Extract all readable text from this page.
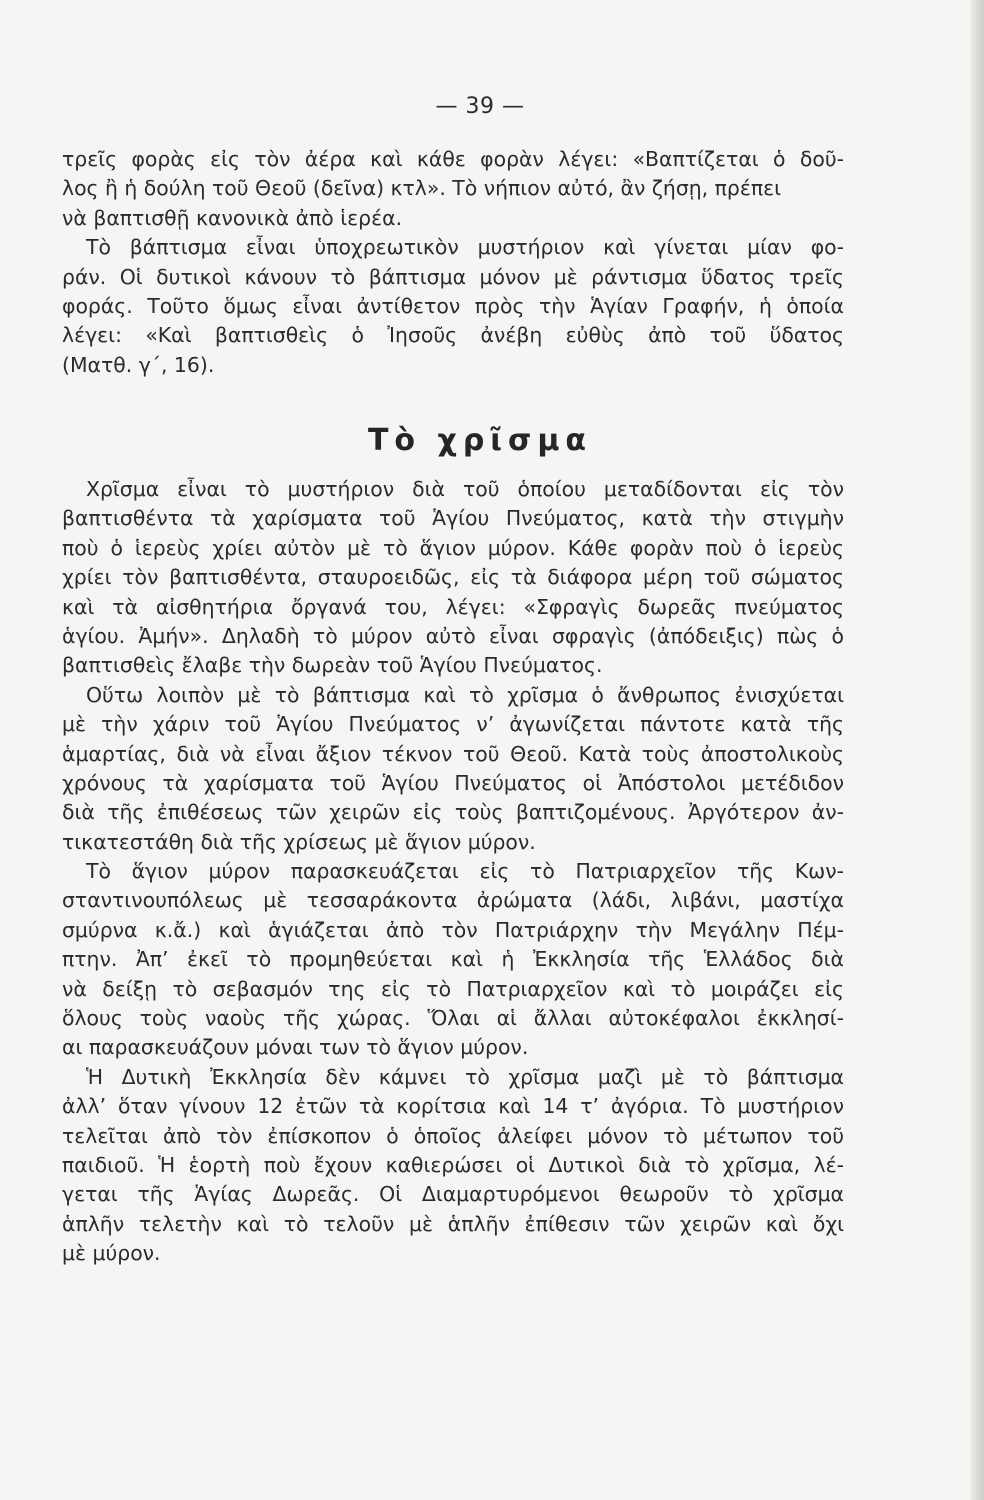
— 39 —
τρεῖς φορὰς εἰς τὸν ἀέρα καὶ κάθε φορὰν λέγει: «Βαπτίζεται ὁ δοῦ-
λος ἢ ἡ δούλη τοῦ Θεοῦ (δεῖνα) κτλ». Τὸ νήπιον αὐτό, ἂν ζήσῃ, πρέπει
νὰ βαπτισθῇ κανονικὰ ἀπὸ ἱερέα.
Τὸ βάπτισμα εἶναι ὑποχρεωτικὸν μυστήριον καὶ γίνεται μίαν φο-
ράν. Οἱ δυτικοὶ κάνουν τὸ βάπτισμα μόνον μὲ ράντισμα ὕδατος τρεῖς
φοράς. Τοῦτο ὅμως εἶναι ἀντίθετον πρὸς τὴν Ἁγίαν Γραφήν, ἡ ὁποία
λέγει: «Καὶ βαπτισθεὶς ὁ Ἰησοῦς ἀνέβη εὐθὺς ἀπὸ τοῦ ὕδατος
(Ματθ. γ΄, 16).
Τὸ χρῖσμα
Χρῖσμα εἶναι τὸ μυστήριον διὰ τοῦ ὁποίου μεταδίδονται εἰς τὸν
βαπτισθέντα τὰ χαρίσματα τοῦ Ἁγίου Πνεύματος, κατὰ τὴν στιγμὴν
ποὺ ὁ ἱερεὺς χρίει αὐτὸν μὲ τὸ ἅγιον μύρον. Κάθε φορὰν ποὺ ὁ ἱερεὺς
χρίει τὸν βαπτισθέντα, σταυροειδῶς, εἰς τὰ διάφορα μέρη τοῦ σώματος
καὶ τὰ αἰσθητήρια ὄργανά του, λέγει: «Σφραγὶς δωρεᾶς πνεύματος
ἁγίου. Ἀμήν». Δηλαδὴ τὸ μύρον αὐτὸ εἶναι σφραγὶς (ἀπόδειξις) πὼς ὁ
βαπτισθεὶς ἔλαβε τὴν δωρεὰν τοῦ Ἁγίου Πνεύματος.
Οὕτω λοιπὸν μὲ τὸ βάπτισμα καὶ τὸ χρῖσμα ὁ ἄνθρωπος ἐνισχύεται
μὲ τὴν χάριν τοῦ Ἁγίου Πνεύματος ν’ ἀγωνίζεται πάντοτε κατὰ τῆς
ἁμαρτίας, διὰ νὰ εἶναι ἄξιον τέκνον τοῦ Θεοῦ. Κατὰ τοὺς ἀποστολικοὺς
χρόνους τὰ χαρίσματα τοῦ Ἁγίου Πνεύματος οἱ Ἀπόστολοι μετέδιδον
διὰ τῆς ἐπιθέσεως τῶν χειρῶν εἰς τοὺς βαπτιζομένους. Ἀργότερον ἀν-
τικατεστάθη διὰ τῆς χρίσεως μὲ ἅγιον μύρον.
Τὸ ἅγιον μύρον παρασκευάζεται εἰς τὸ Πατριαρχεῖον τῆς Κων-
σταντινουπόλεως μὲ τεσσαράκοντα ἀρώματα (λάδι, λιβάνι, μαστίχα
σμύρνα κ.ἄ.) καὶ ἁγιάζεται ἀπὸ τὸν Πατριάρχην τὴν Μεγάλην Πέμ-
πτην. Ἀπ’ ἐκεῖ τὸ προμηθεύεται καὶ ἡ Ἐκκλησία τῆς Ἑλλάδος διὰ
νὰ δείξῃ τὸ σεβασμόν της εἰς τὸ Πατριαρχεῖον καὶ τὸ μοιράζει εἰς
ὅλους τοὺς ναοὺς τῆς χώρας. Ὅλαι αἱ ἄλλαι αὐτοκέφαλοι ἐκκλησί-
αι παρασκευάζουν μόναι των τὸ ἅγιον μύρον.
Ἡ Δυτικὴ Ἐκκλησία δὲν κάμνει τὸ χρῖσμα μαζὶ μὲ τὸ βάπτισμα
ἀλλ’ ὅταν γίνουν 12 ἐτῶν τὰ κορίτσια καὶ 14 τ’ ἀγόρια. Τὸ μυστήριον
τελεῖται ἀπὸ τὸν ἐπίσκοπον ὁ ὁποῖος ἀλείφει μόνον τὸ μέτωπον τοῦ
παιδιοῦ. Ἡ ἑορτὴ ποὺ ἔχουν καθιερώσει οἱ Δυτικοὶ διὰ τὸ χρῖσμα, λέ-
γεται τῆς Ἁγίας Δωρεᾶς. Οἱ Διαμαρτυρόμενοι θεωροῦν τὸ χρῖσμα
ἁπλῆν τελετὴν καὶ τὸ τελοῦν μὲ ἁπλῆν ἐπίθεσιν τῶν χειρῶν καὶ ὄχι
μὲ μύρον.
